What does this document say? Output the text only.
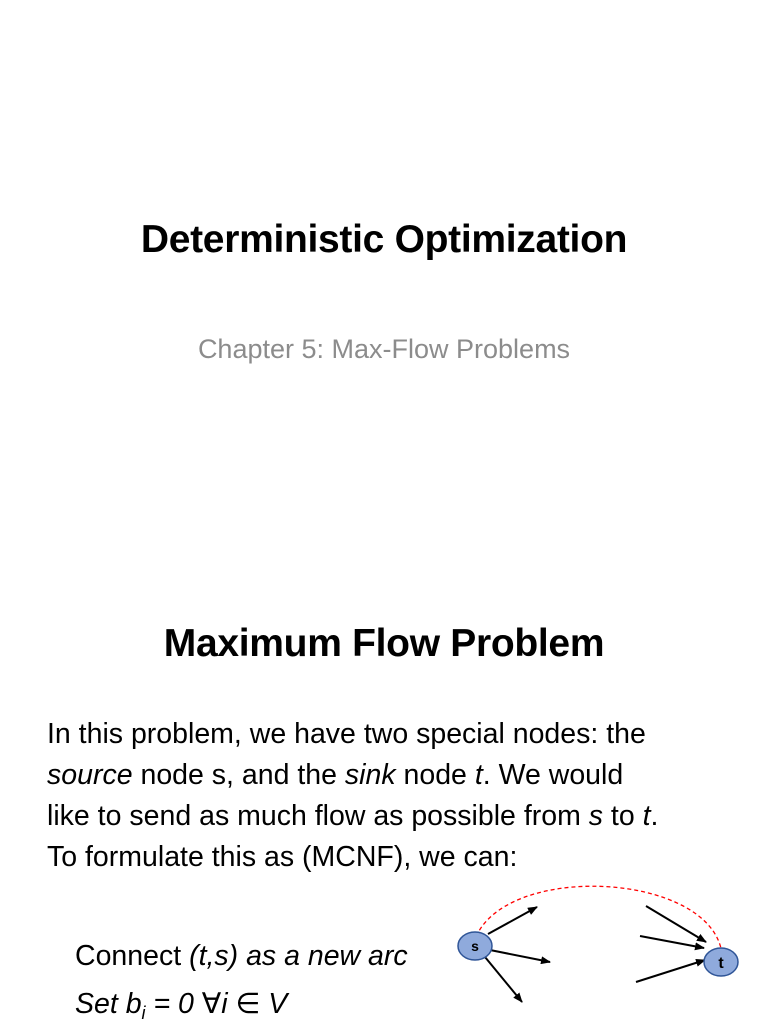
Deterministic Optimization
Chapter 5: Max-Flow Problems
Maximum Flow Problem
In this problem, we have two special nodes: the
source node s, and the sink node t. We would
like to send as much flow as possible from s to t.
To formulate this as (MCNF), we can:
Connect (t,s) as a new arc
Set $b_i = 0$ ∀i ∈ V
s
t
